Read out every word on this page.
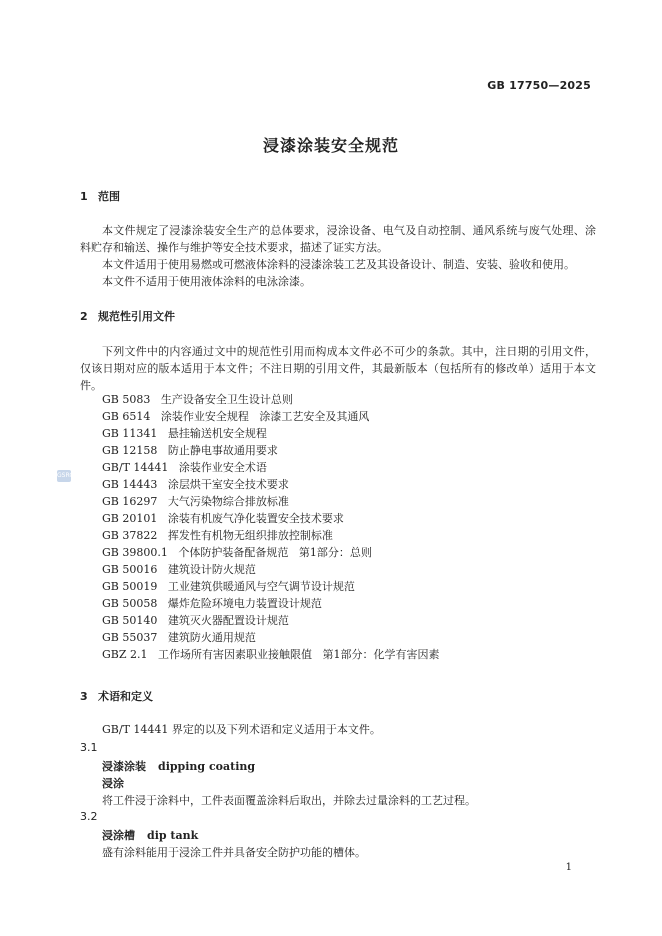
GB 17750—2025
浸漆涂装安全规范
1 范围
本文件规定了浸漆涂装安全生产的总体要求，浸涂设备、电气及自动控制、通风系统与废气处理、涂料贮存和输送、操作与维护等安全技术要求，描述了证实方法。
本文件适用于使用易燃或可燃液体涂料的浸漆涂装工艺及其设备设计、制造、安装、验收和使用。
本文件不适用于使用液体涂料的电泳涂漆。
2 规范性引用文件
下列文件中的内容通过文中的规范性引用而构成本文件必不可少的条款。其中，注日期的引用文件，仅该日期对应的版本适用于本文件；不注日期的引用文件，其最新版本（包括所有的修改单）适用于本文件。
GB 5083   生产设备安全卫生设计总则
GB 6514   涂装作业安全规程   涂漆工艺安全及其通风
GB 11341   悬挂输送机安全规程
GB 12158   防止静电事故通用要求
GB/T 14441   涂装作业安全术语
GB 14443   涂层烘干室安全技术要求
GB 16297   大气污染物综合排放标准
GB 20101   涂装有机废气净化装置安全技术要求
GB 37822   挥发性有机物无组织排放控制标准
GB 39800.1   个体防护装备配备规范   第1部分：总则
GB 50016   建筑设计防火规范
GB 50019   工业建筑供暖通风与空气调节设计规范
GB 50058   爆炸危险环境电力装置设计规范
GB 50140   建筑灭火器配置设计规范
GB 55037   建筑防火通用规范
GBZ 2.1   工作场所有害因素职业接触限值   第1部分：化学有害因素
3 术语和定义
GB/T 14441 界定的以及下列术语和定义适用于本文件。
3.1
浸漆涂装 dipping coating
浸涂
将工件浸于涂料中，工件表面覆盖涂料后取出，并除去过量涂料的工艺过程。
3.2
浸涂槽 dip tank
盛有涂料能用于浸涂工件并具备安全防护功能的槽体。
1
GSRC
